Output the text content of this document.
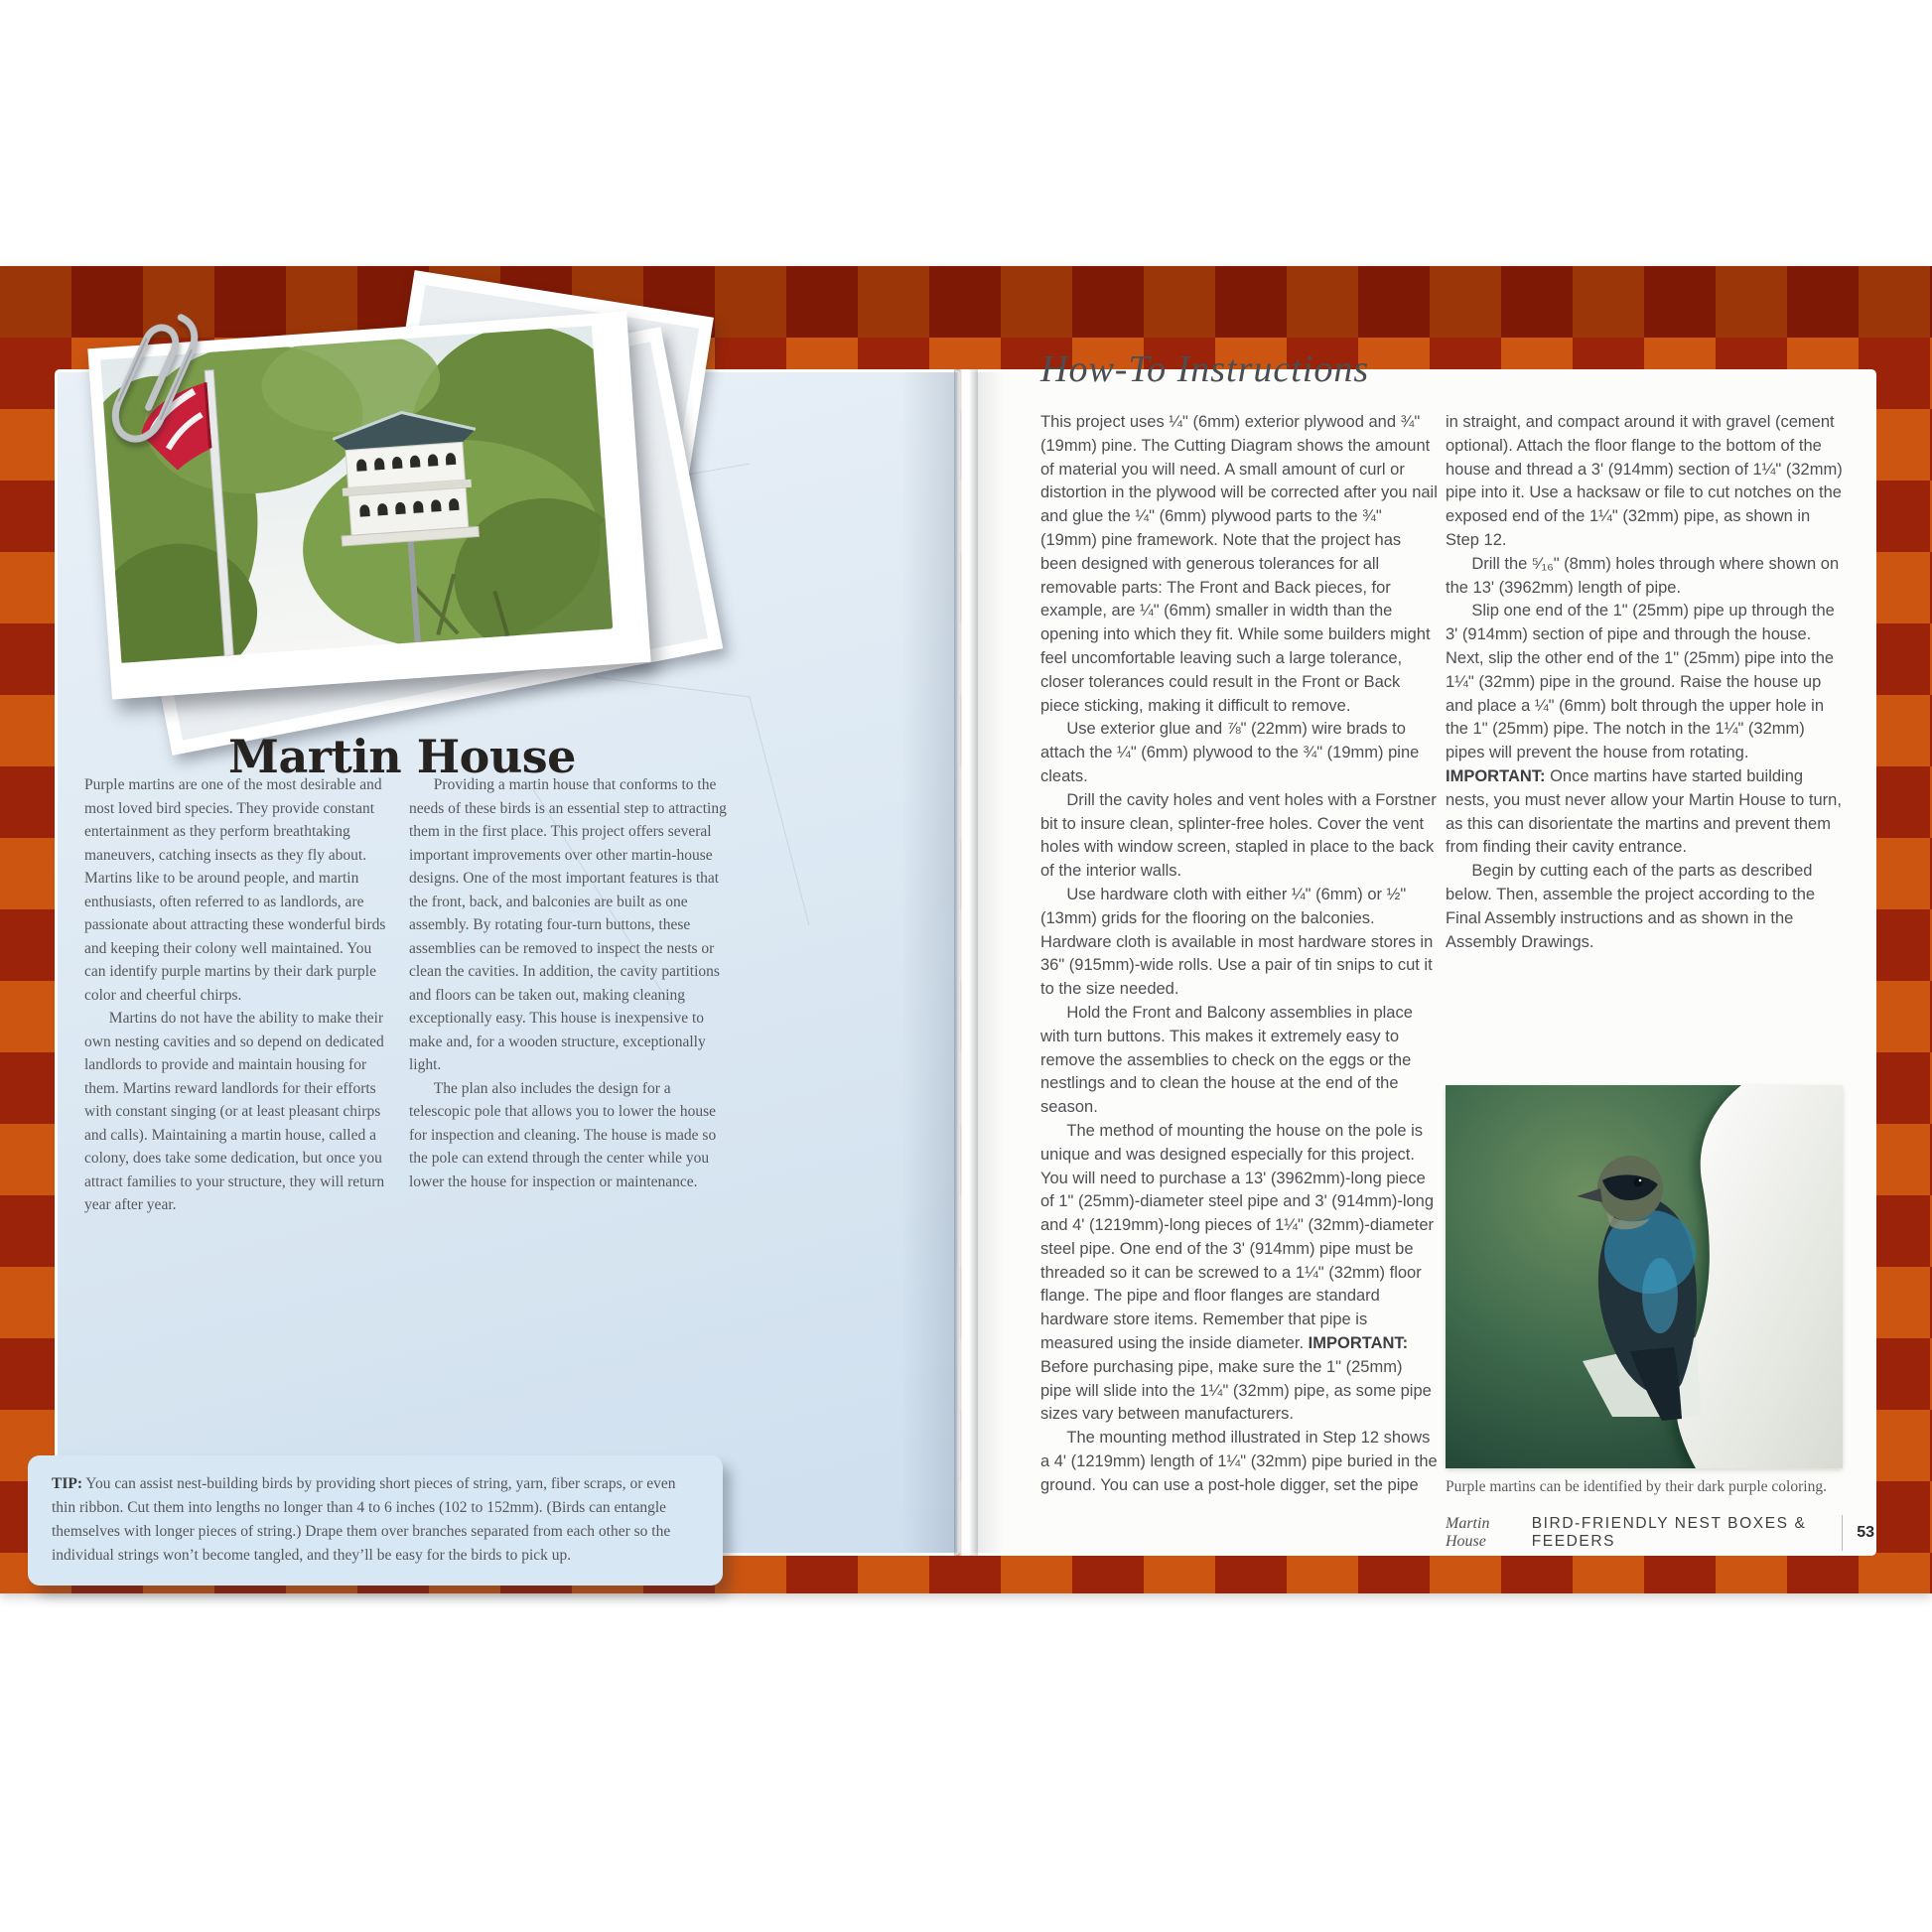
Martin House

Purple martins are one of the most desirable and most loved bird species. They provide constant entertainment as they perform breathtaking maneuvers, catching insects as they fly about. Martins like to be around people, and martin enthusiasts, often referred to as landlords, are passionate about attracting these wonderful birds and keeping their colony well maintained. You can identify purple martins by their dark purple color and cheerful chirps.

Martins do not have the ability to make their own nesting cavities and so depend on dedicated landlords to provide and maintain housing for them. Martins reward landlords for their efforts with constant singing (or at least pleasant chirps and calls). Maintaining a martin house, called a colony, does take some dedication, but once you attract families to your structure, they will return year after year.

Providing a martin house that conforms to the needs of these birds is an essential step to attracting them in the first place. This project offers several important improvements over other martin-house designs. One of the most important features is that the front, back, and balconies are built as one assembly. By rotating four-turn buttons, these assemblies can be removed to inspect the nests or clean the cavities. In addition, the cavity partitions and floors can be taken out, making cleaning exceptionally easy. This house is inexpensive to make and, for a wooden structure, exceptionally light.

The plan also includes the design for a telescopic pole that allows you to lower the house for inspection and cleaning. The house is made so the pole can extend through the center while you lower the house for inspection or maintenance.

TIP: You can assist nest-building birds by providing short pieces of string, yarn, fiber scraps, or even thin ribbon. Cut them into lengths no longer than 4 to 6 inches (102 to 152mm). (Birds can entangle themselves with longer pieces of string.) Drape them over branches separated from each other so the individual strings won’t become tangled, and they’ll be easy for the birds to pick up.
How-To Instructions

This project uses ¼" (6mm) exterior plywood and ¾" (19mm) pine. The Cutting Diagram shows the amount of material you will need. A small amount of curl or distortion in the plywood will be corrected after you nail and glue the ¼" (6mm) plywood parts to the ¾" (19mm) pine framework. Note that the project has been designed with generous tolerances for all removable parts: The Front and Back pieces, for example, are ¼" (6mm) smaller in width than the opening into which they fit. While some builders might feel uncomfortable leaving such a large tolerance, closer tolerances could result in the Front or Back piece sticking, making it difficult to remove.

Use exterior glue and ⅞" (22mm) wire brads to attach the ¼" (6mm) plywood to the ¾" (19mm) pine cleats.

Drill the cavity holes and vent holes with a Forstner bit to insure clean, splinter-free holes. Cover the vent holes with window screen, stapled in place to the back of the interior walls.

Use hardware cloth with either ¼" (6mm) or ½" (13mm) grids for the flooring on the balconies. Hardware cloth is available in most hardware stores in 36" (915mm)-wide rolls. Use a pair of tin snips to cut it to the size needed.

Hold the Front and Balcony assemblies in place with turn buttons. This makes it extremely easy to remove the assemblies to check on the eggs or the nestlings and to clean the house at the end of the season.

The method of mounting the house on the pole is unique and was designed especially for this project. You will need to purchase a 13' (3962mm)-long piece of 1" (25mm)-diameter steel pipe and 3' (914mm)-long and 4' (1219mm)-long pieces of 1¼" (32mm)-diameter steel pipe. One end of the 3' (914mm) pipe must be threaded so it can be screwed to a 1¼" (32mm) floor flange. The pipe and floor flanges are standard hardware store items. Remember that pipe is measured using the inside diameter. IMPORTANT: Before purchasing pipe, make sure the 1" (25mm) pipe will slide into the 1¼" (32mm) pipe, as some pipe sizes vary between manufacturers.

The mounting method illustrated in Step 12 shows a 4' (1219mm) length of 1¼" (32mm) pipe buried in the ground. You can use a post-hole digger, set the pipe

in straight, and compact around it with gravel (cement optional). Attach the floor flange to the bottom of the house and thread a 3' (914mm) section of 1¼" (32mm) pipe into it. Use a hacksaw or file to cut notches on the exposed end of the 1¼" (32mm) pipe, as shown in Step 12.

Drill the ⁵⁄₁₆" (8mm) holes through where shown on the 13' (3962mm) length of pipe.

Slip one end of the 1" (25mm) pipe up through the 3' (914mm) section of pipe and through the house. Next, slip the other end of the 1" (25mm) pipe into the 1¼" (32mm) pipe in the ground. Raise the house up and place a ¼" (6mm) bolt through the upper hole in the 1" (25mm) pipe. The notch in the 1¼" (32mm) pipes will prevent the house from rotating. IMPORTANT: Once martins have started building nests, you must never allow your Martin House to turn, as this can disorientate the martins and prevent them from finding their cavity entrance.

Begin by cutting each of the parts as described below. Then, assemble the project according to the Final Assembly instructions and as shown in the Assembly Drawings.

Purple martins can be identified by their dark purple coloring.
Martin House
BIRD-FRIENDLY NEST BOXES & FEEDERS
53
